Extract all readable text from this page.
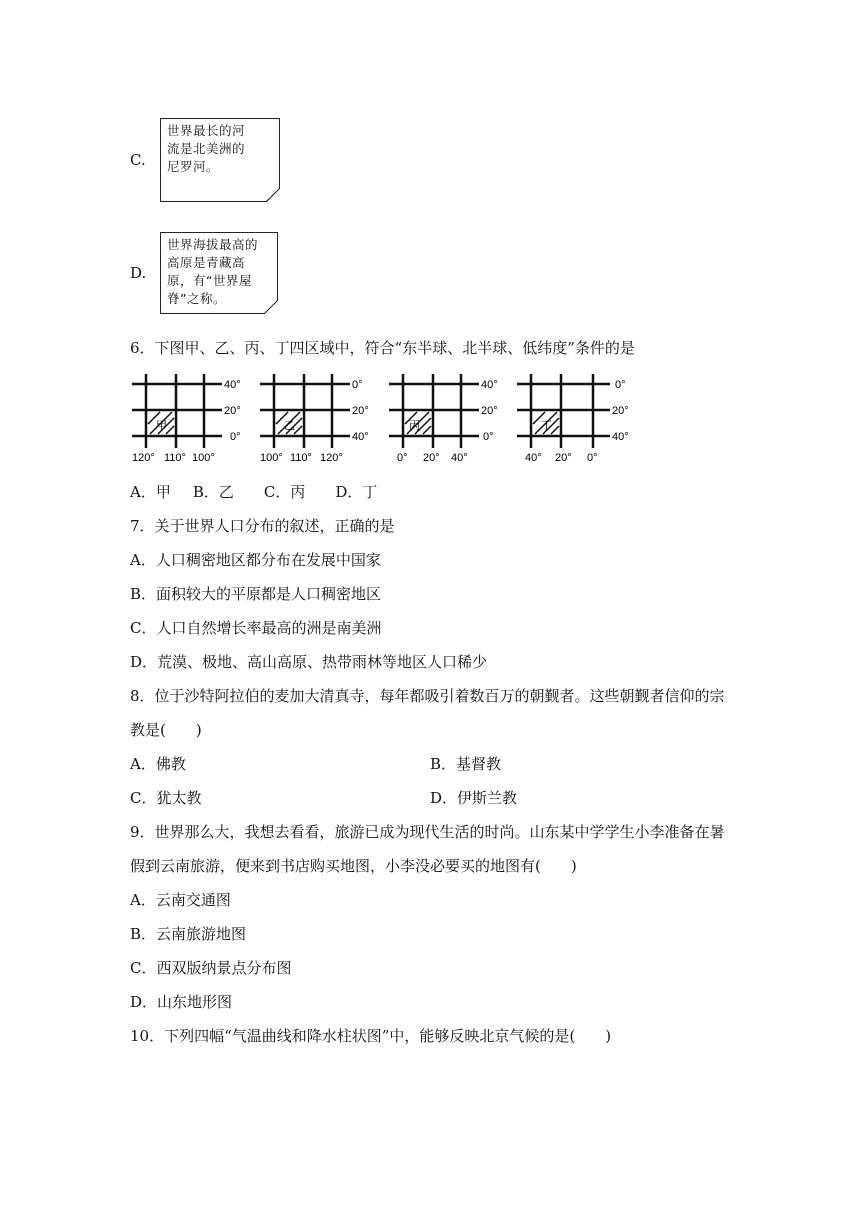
C.
世界最长的河
流是北美洲的
尼罗河。
D.
世界海拔最高的
高原是青藏高
原，有“世界屋
脊”之称。
6．下图甲、乙、丙、丁四区域中，符合“东半球、北半球、低纬度”条件的是
甲
40°
20°
0°
120° 110° 100°
乙
0°
20°
40°
100° 110° 120°
丙
40°
20°
0°
0° 20° 40°
丁
0°
20°
40°
40° 20° 0°
A．甲 B．乙 C．丙 D．丁
7．关于世界人口分布的叙述，正确的是
A．人口稠密地区都分布在发展中国家
B．面积较大的平原都是人口稠密地区
C．人口自然增长率最高的洲是南美洲
D．荒漠、极地、高山高原、热带雨林等地区人口稀少
8．位于沙特阿拉伯的麦加大清真寺，每年都吸引着数百万的朝觐者。这些朝觐者信仰的宗
教是(　　)
A．佛教	B．基督教
C．犹太教	D．伊斯兰教
9．世界那么大，我想去看看，旅游已成为现代生活的时尚。山东某中学学生小李准备在暑
假到云南旅游，便来到书店购买地图，小李没必要买的地图有(　　)
A．云南交通图
B．云南旅游地图
C．西双版纳景点分布图
D．山东地形图
10．下列四幅“气温曲线和降水柱状图”中，能够反映北京气候的是(　　)
